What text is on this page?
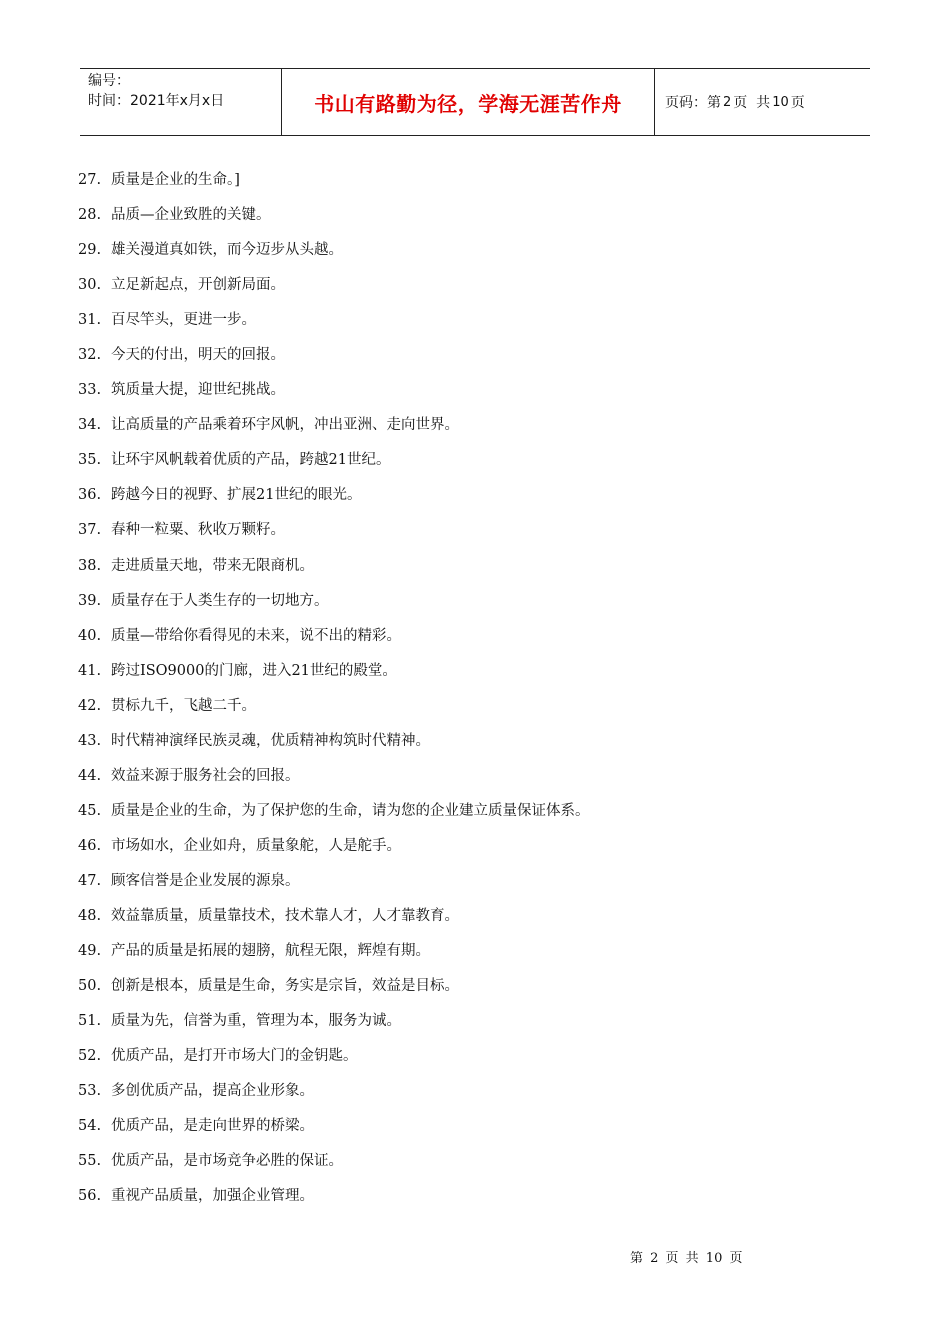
编号：
时间：2021年x月x日	书山有路勤为径，学海无涯苦作舟	页码：第 2 页  共 10 页
27. 质量是企业的生命。]
28. 品质—企业致胜的关键。
29. 雄关漫道真如铁，而今迈步从头越。
30. 立足新起点，开创新局面。
31. 百尽竿头，更进一步。
32. 今天的付出，明天的回报。
33. 筑质量大提，迎世纪挑战。
34. 让高质量的产品乘着环宇风帆，冲出亚洲、走向世界。
35. 让环宇风帆载着优质的产品，跨越21世纪。
36. 跨越今日的视野、扩展21世纪的眼光。
37. 春种一粒粟、秋收万颗籽。
38. 走进质量天地，带来无限商机。
39. 质量存在于人类生存的一切地方。
40. 质量—带给你看得见的未来，说不出的精彩。
41. 跨过ISO9000的门廊，进入21世纪的殿堂。
42. 贯标九千，飞越二千。
43. 时代精神演绎民族灵魂，优质精神构筑时代精神。
44. 效益来源于服务社会的回报。
45. 质量是企业的生命，为了保护您的生命，请为您的企业建立质量保证体系。
46. 市场如水，企业如舟，质量象舵，人是舵手。
47. 顾客信誉是企业发展的源泉。
48. 效益靠质量，质量靠技术，技术靠人才，人才靠教育。
49. 产品的质量是拓展的翅膀，航程无限，辉煌有期。
50. 创新是根本，质量是生命，务实是宗旨，效益是目标。
51. 质量为先，信誉为重，管理为本，服务为诚。
52. 优质产品，是打开市场大门的金钥匙。
53. 多创优质产品，提高企业形象。
54. 优质产品，是走向世界的桥梁。
55. 优质产品，是市场竞争必胜的保证。
56. 重视产品质量，加强企业管理。
第 2 页 共 10 页
